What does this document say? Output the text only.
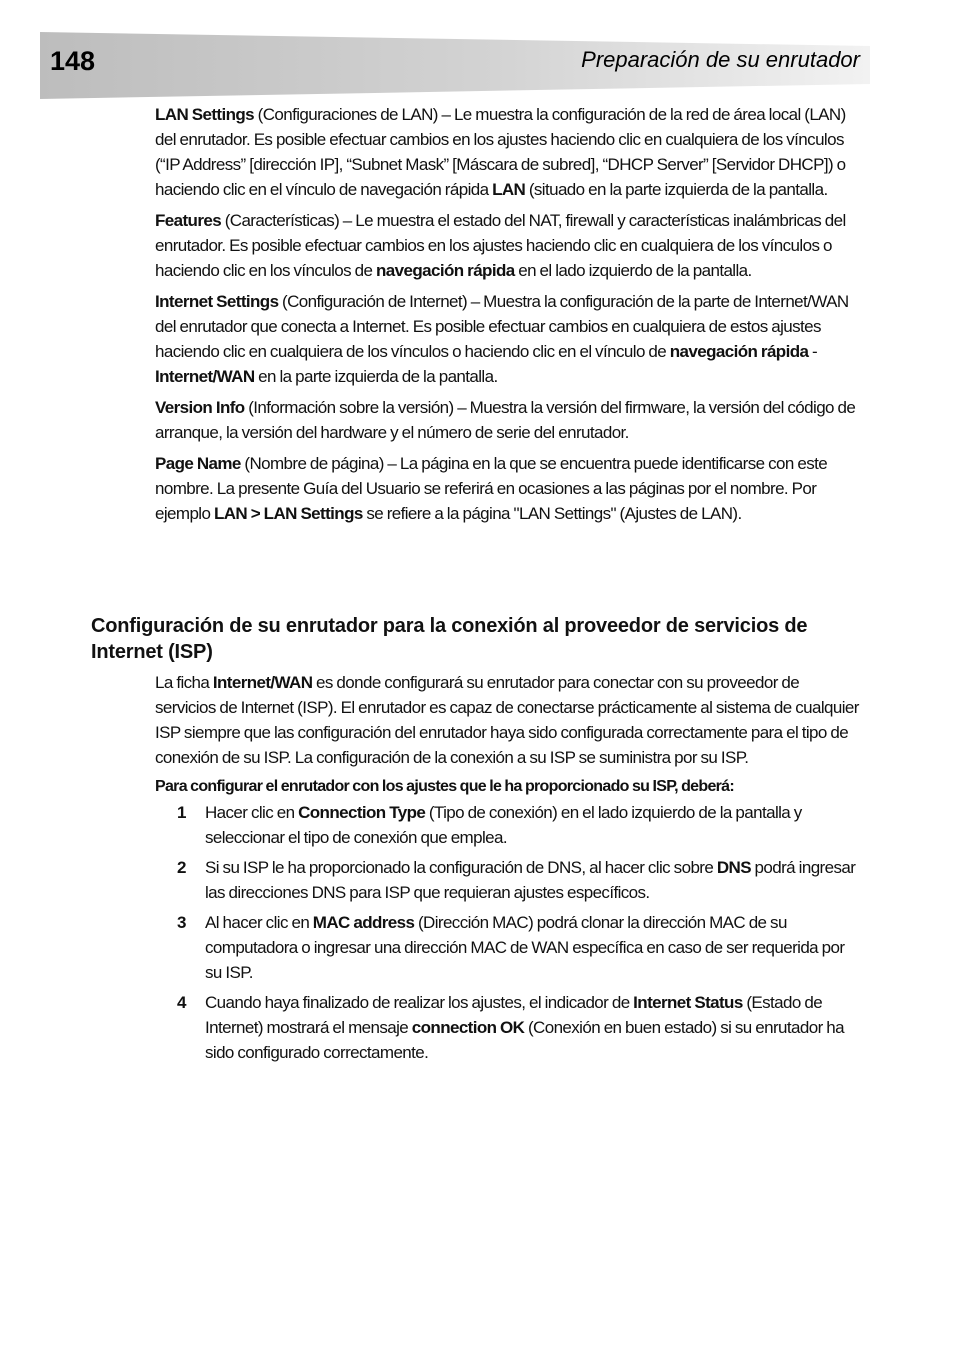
148	Preparación de su enrutador

LAN Settings (Configuraciones de LAN) – Le muestra la configuración de la red de área local (LAN) del enrutador. Es posible efectuar cambios en los ajustes haciendo clic en cualquiera de los vínculos (“IP Address” [dirección IP], “Subnet Mask” [Máscara de subred], “DHCP Server” [Servidor DHCP]) o haciendo clic en el vínculo de navegación rápida LAN (situado en la parte izquierda de la pantalla.

Features (Características) – Le muestra el estado del NAT, firewall y características inalámbricas del enrutador. Es posible efectuar cambios en los ajustes haciendo clic en cualquiera de los vínculos o haciendo clic en los vínculos de navegación rápida en el lado izquierdo de la pantalla.

Internet Settings (Configuración de Internet) – Muestra la configuración de la parte de Internet/WAN del enrutador que conecta a Internet. Es posible efectuar cambios en cualquiera de estos ajustes haciendo clic en cualquiera de los vínculos o haciendo clic en el vínculo de navegación rápida - Internet/WAN en la parte izquierda de la pantalla.

Version Info (Información sobre la versión) – Muestra la versión del firmware, la versión del código de arranque, la versión del hardware y el número de serie del enrutador.

Page Name (Nombre de página) – La página en la que se encuentra puede identificarse con este nombre. La presente Guía del Usuario se referirá en ocasiones a las páginas por el nombre. Por ejemplo LAN > LAN Settings se refiere a la página "LAN Settings" (Ajustes de LAN).

Configuración de su enrutador para la conexión al proveedor de servicios de Internet (ISP)

La ficha Internet/WAN es donde configurará su enrutador para conectar con su proveedor de servicios de Internet (ISP). El enrutador es capaz de conectarse prácticamente al sistema de cualquier ISP siempre que las configuración del enrutador haya sido configurada correctamente para el tipo de conexión de su ISP. La configuración de la conexión a su ISP se suministra por su ISP.

Para configurar el enrutador con los ajustes que le ha proporcionado su ISP, deberá:
1 Hacer clic en Connection Type (Tipo de conexión) en el lado izquierdo de la pantalla y seleccionar el tipo de conexión que emplea.
2 Si su ISP le ha proporcionado la configuración de DNS, al hacer clic sobre DNS podrá ingresar las direcciones DNS para ISP que requieran ajustes específicos.
3 Al hacer clic en MAC address (Dirección MAC) podrá clonar la dirección MAC de su computadora o ingresar una dirección MAC de WAN específica en caso de ser requerida por su ISP.
4 Cuando haya finalizado de realizar los ajustes, el indicador de Internet Status (Estado de Internet) mostrará el mensaje connection OK (Conexión en buen estado) si su enrutador ha sido configurado correctamente.
